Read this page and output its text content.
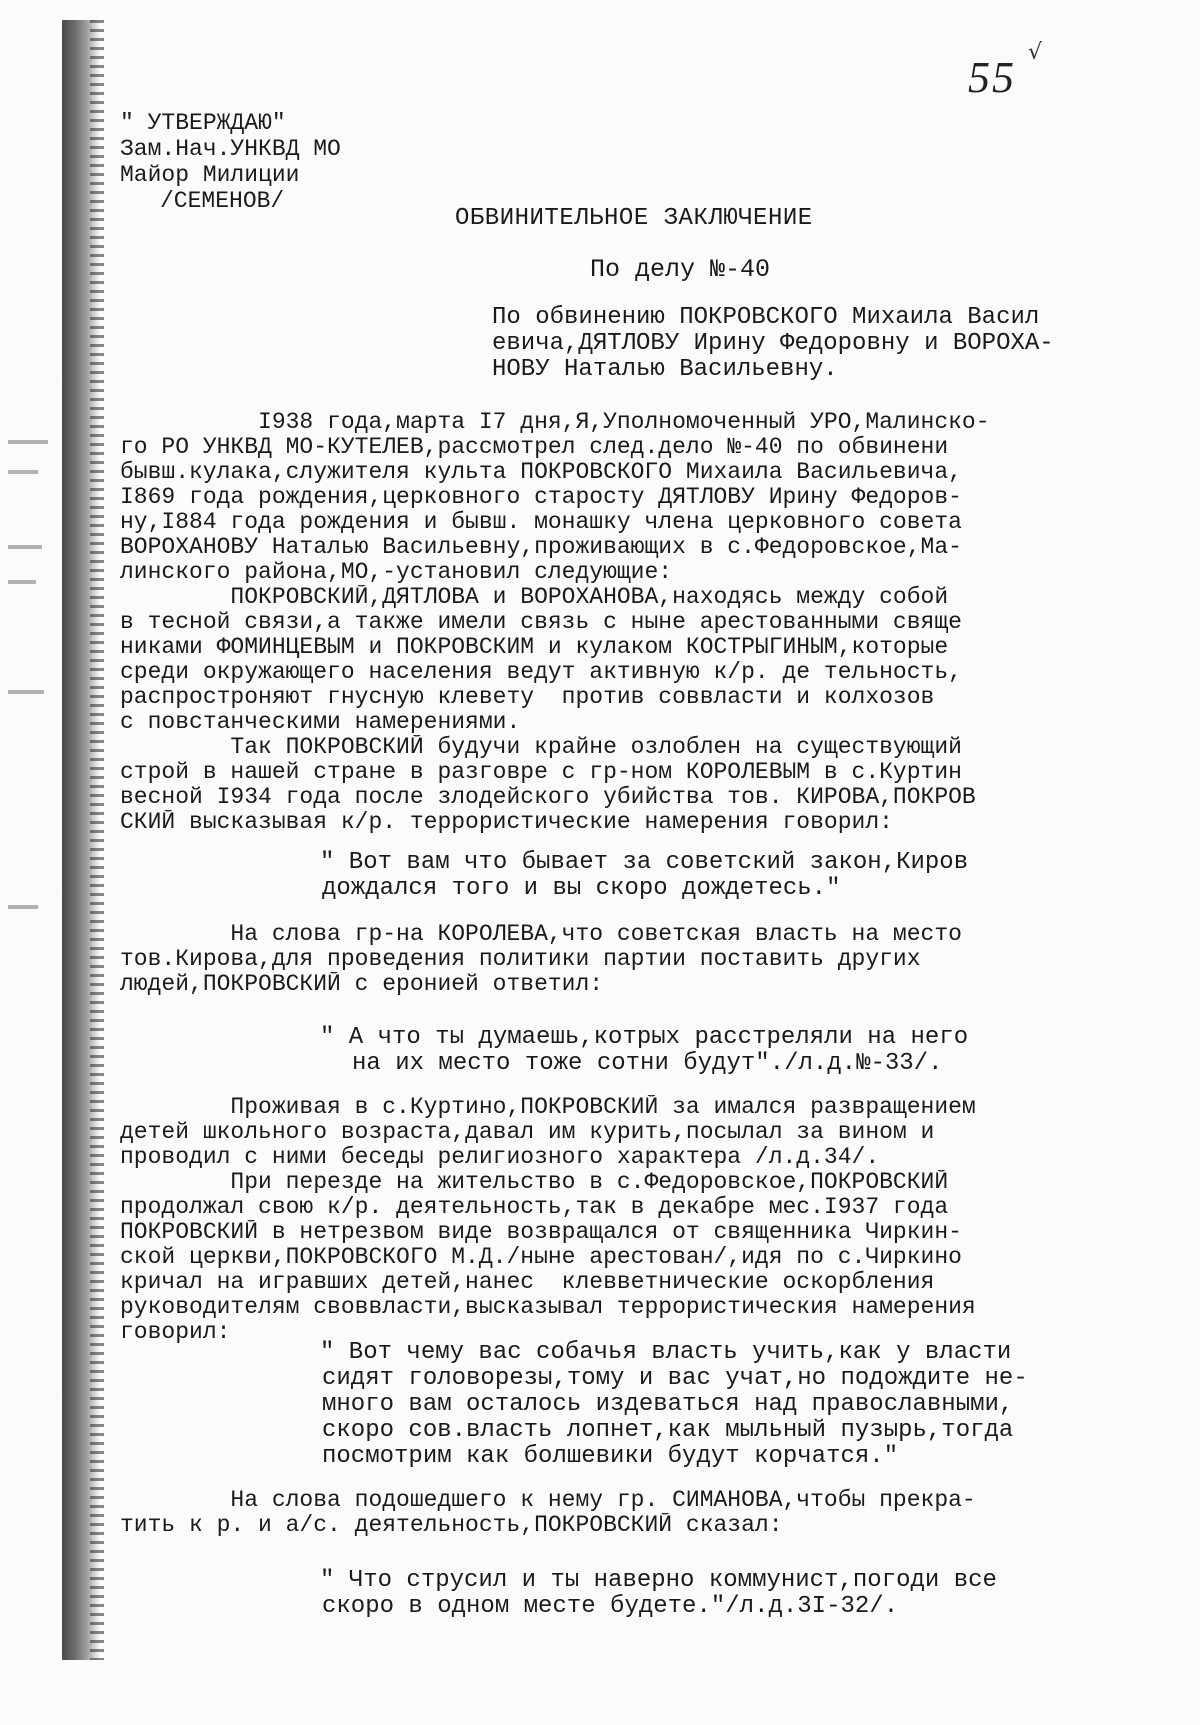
√
55
" УТВЕРЖДАЮ"
Зам.Нач.УНКВД МО
Майор Милиции
/СЕМЕНОВ/
ОБВИНИТЕЛЬНОЕ ЗАКЛЮЧЕНИЕ
По делу №-40
По обвинению ПОКРОВСКОГО Михаила Васил
евича,ДЯТЛОВУ Ирину Федоровну и ВОРОХА-
НОВУ Наталью Васильевну.
I938 года,марта I7 дня,Я,Уполномоченный УРО,Малинско-
го РО УНКВД МО-КУТЕЛЕВ,рассмотрел след.дело №-40 по обвинени
бывш.кулака,служителя культа ПОКРОВСКОГО Михаила Васильевича,
I869 года рождения,церковного старосту ДЯТЛОВУ Ирину Федоров-
ну,I884 года рождения и бывш. монашку члена церковного совета
ВОРОХАНОВУ Наталью Васильевну,проживающих в с.Федоровское,Ма-
линского района,МО,-установил следующие:
ПОКРОВСКИЙ,ДЯТЛОВА и ВОРОХАНОВА,находясь между собой
в тесной связи,а также имели связь с ныне арестованными свяще
никами ФОМИНЦЕВЫМ и ПОКРОВСКИМ и кулаком КОСТРЫГИНЫМ,которые
среди окружающего населения ведут активную к/р. де тельность,
распростроняют гнусную клевету  против соввласти и колхозов
с повстанческими намерениями.
Так ПОКРОВСКИЙ будучи крайне озлоблен на существующий
строй в нашей стране в разговре с гр-ном КОРОЛЕВЫМ в с.Куртин
весной I934 года после злодейского убийства тов. КИРОВА,ПОКРОВ
СКИЙ высказывая к/р. террористические намерения говорил:
" Вот вам что бывает за советский закон,Киров
дождался того и вы скоро дождетесь."
На слова гр-на КОРОЛЕВА,что советская власть на место
тов.Кирова,для проведения политики партии поставить других
людей,ПОКРОВСКИЙ с еронией ответил:
" А что ты думаешь,котрых расстреляли на него
на их место тоже сотни будут"./л.д.№-33/.
Проживая в с.Куртино,ПОКРОВСКИЙ за имался развращением
детей школьного возраста,давал им курить,посылал за вином и
проводил с ними беседы религиозного характера /л.д.34/.
При перезде на жительство в с.Федоровское,ПОКРОВСКИЙ
продолжал свою к/р. деятельность,так в декабре мес.I937 года
ПОКРОВСКИЙ в нетрезвом виде возвращался от священника Чиркин-
ской церкви,ПОКРОВСКОГО М.Д./ныне арестован/,идя по с.Чиркино
кричал на игравших детей,нанес  клевветнические оскорбления
руководителям своввласти,высказывал террористическия намерения
говорил:
" Вот чему вас собачья власть учить,как у власти
сидят головорезы,тому и вас учат,но подождите не-
много вам осталось издеваться над православными,
скоро сов.власть лопнет,как мыльный пузырь,тогда
посмотрим как болшевики будут корчатся."
На слова подошедшего к нему гр. СИМАНОВА,чтобы прекра-
тить к р. и а/с. деятельность,ПОКРОВСКИЙ сказал:
" Что струсил и ты наверно коммунист,погоди все
скоро в одном месте будете."/л.д.3I-32/.
